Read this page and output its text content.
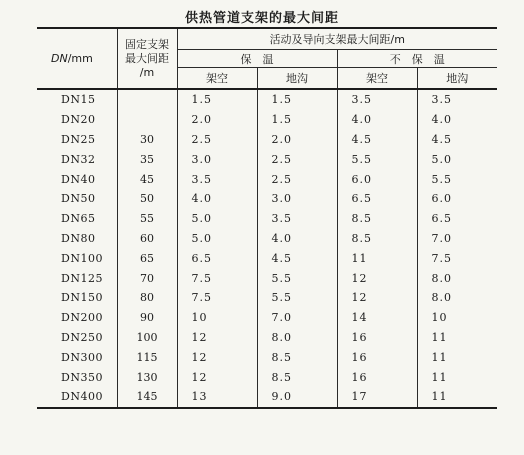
供热管道支架的最大间距
DN/mm	固定支架
最大间距
/m	活动及导向支架最大间距/m			
		保　温		不　保　温	
		架空	地沟	架空	地沟
DN15		1.5	1.5	3.5	3.5
DN20		2.0	1.5	4.0	4.0
DN25	30	2.5	2.0	4.5	4.5
DN32	35	3.0	2.5	5.5	5.0
DN40	45	3.5	2.5	6.0	5.5
DN50	50	4.0	3.0	6.5	6.0
DN65	55	5.0	3.5	8.5	6.5
DN80	60	5.0	4.0	8.5	7.0
DN100	65	6.5	4.5	11	7.5
DN125	70	7.5	5.5	12	8.0
DN150	80	7.5	5.5	12	8.0
DN200	90	10	7.0	14	10
DN250	100	12	8.0	16	11
DN300	115	12	8.5	16	11
DN350	130	12	8.5	16	11
DN400	145	13	9.0	17	11
